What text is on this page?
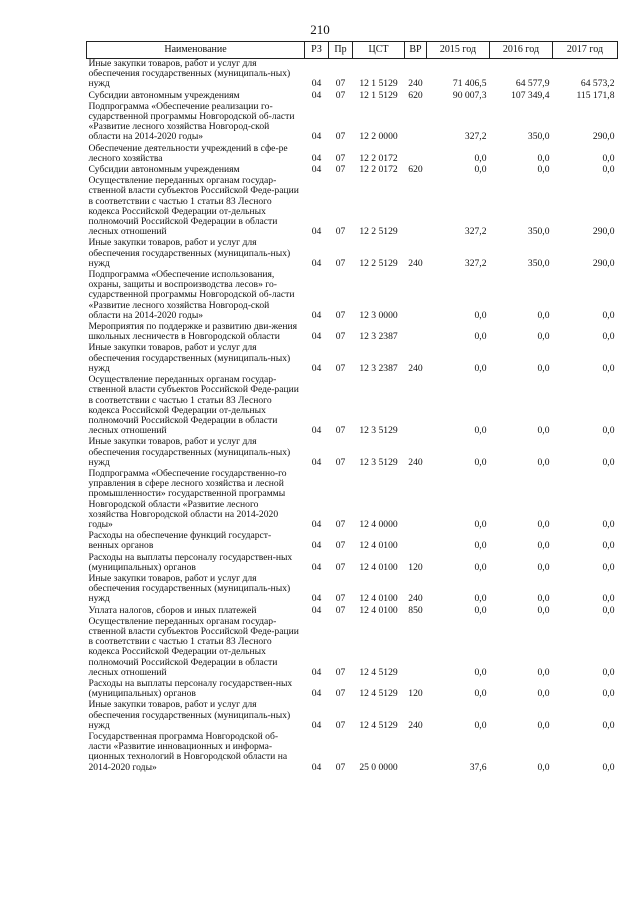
210
Наименование	РЗ	Пр	ЦСТ	ВР	2015 год	2016 год	2017 год
Иные закупки товаров, работ и услуг для обеспечения государственных (муниципаль-ных) нужд	04	07	12 1 5129	240	71 406,5	64 577,9	64 573,2
Субсидии автономным учреждениям	04	07	12 1 5129	620	90 007,3	107 349,4	115 171,8
Подпрограмма «Обеспечение реализации го-сударственной программы Новгородской об-ласти «Развитие лесного хозяйства Новгород-ской области на 2014-2020 годы»	04	07	12 2 0000		327,2	350,0	290,0
Обеспечение деятельности учреждений в сфе-ре лесного хозяйства	04	07	12 2 0172		0,0	0,0	0,0
Субсидии автономным учреждениям	04	07	12 2 0172	620	0,0	0,0	0,0
Осуществление переданных органам государ-ственной власти субъектов Российской Феде-рации в соответствии с частью 1 статьи 83 Лесного кодекса Российской Федерации от-дельных полномочий Российской Федерации в области лесных отношений	04	07	12 2 5129		327,2	350,0	290,0
Иные закупки товаров, работ и услуг для обеспечения государственных (муниципаль-ных) нужд	04	07	12 2 5129	240	327,2	350,0	290,0
Подпрограмма «Обеспечение использования, охраны, защиты и воспроизводства лесов» го-сударственной программы Новгородской об-ласти «Развитие лесного хозяйства Новгород-ской области на 2014-2020 годы»	04	07	12 3 0000		0,0	0,0	0,0
Мероприятия по поддержке и развитию дви-жения школьных лесничеств в Новгородской области	04	07	12 3 2387		0,0	0,0	0,0
Иные закупки товаров, работ и услуг для обеспечения государственных (муниципаль-ных) нужд	04	07	12 3 2387	240	0,0	0,0	0,0
Осуществление переданных органам государ-ственной власти субъектов Российской Феде-рации в соответствии с частью 1 статьи 83 Лесного кодекса Российской Федерации от-дельных полномочий Российской Федерации в области лесных отношений	04	07	12 3 5129		0,0	0,0	0,0
Иные закупки товаров, работ и услуг для обеспечения государственных (муниципаль-ных) нужд	04	07	12 3 5129	240	0,0	0,0	0,0
Подпрограмма «Обеспечение государственно-го управления в сфере лесного хозяйства и лесной промышленности» государственной программы Новгородской области «Развитие лесного хозяйства Новгородской области на 2014-2020 годы»	04	07	12 4 0000		0,0	0,0	0,0
Расходы на обеспечение функций государст-венных органов	04	07	12 4 0100		0,0	0,0	0,0
Расходы на выплаты персоналу государствен-ных (муниципальных) органов	04	07	12 4 0100	120	0,0	0,0	0,0
Иные закупки товаров, работ и услуг для обеспечения государственных (муниципаль-ных) нужд	04	07	12 4 0100	240	0,0	0,0	0,0
Уплата налогов, сборов и иных платежей	04	07	12 4 0100	850	0,0	0,0	0,0
Осуществление переданных органам государ-ственной власти субъектов Российской Феде-рации в соответствии с частью 1 статьи 83 Лесного кодекса Российской Федерации от-дельных полномочий Российской Федерации в области лесных отношений	04	07	12 4 5129		0,0	0,0	0,0
Расходы на выплаты персоналу государствен-ных (муниципальных) органов	04	07	12 4 5129	120	0,0	0,0	0,0
Иные закупки товаров, работ и услуг для обеспечения государственных (муниципаль-ных) нужд	04	07	12 4 5129	240	0,0	0,0	0,0
Государственная программа Новгородской об-ласти «Развитие инновационных и информа-ционных технологий в Новгородской области на 2014-2020 годы»	04	07	25 0 0000		37,6	0,0	0,0
